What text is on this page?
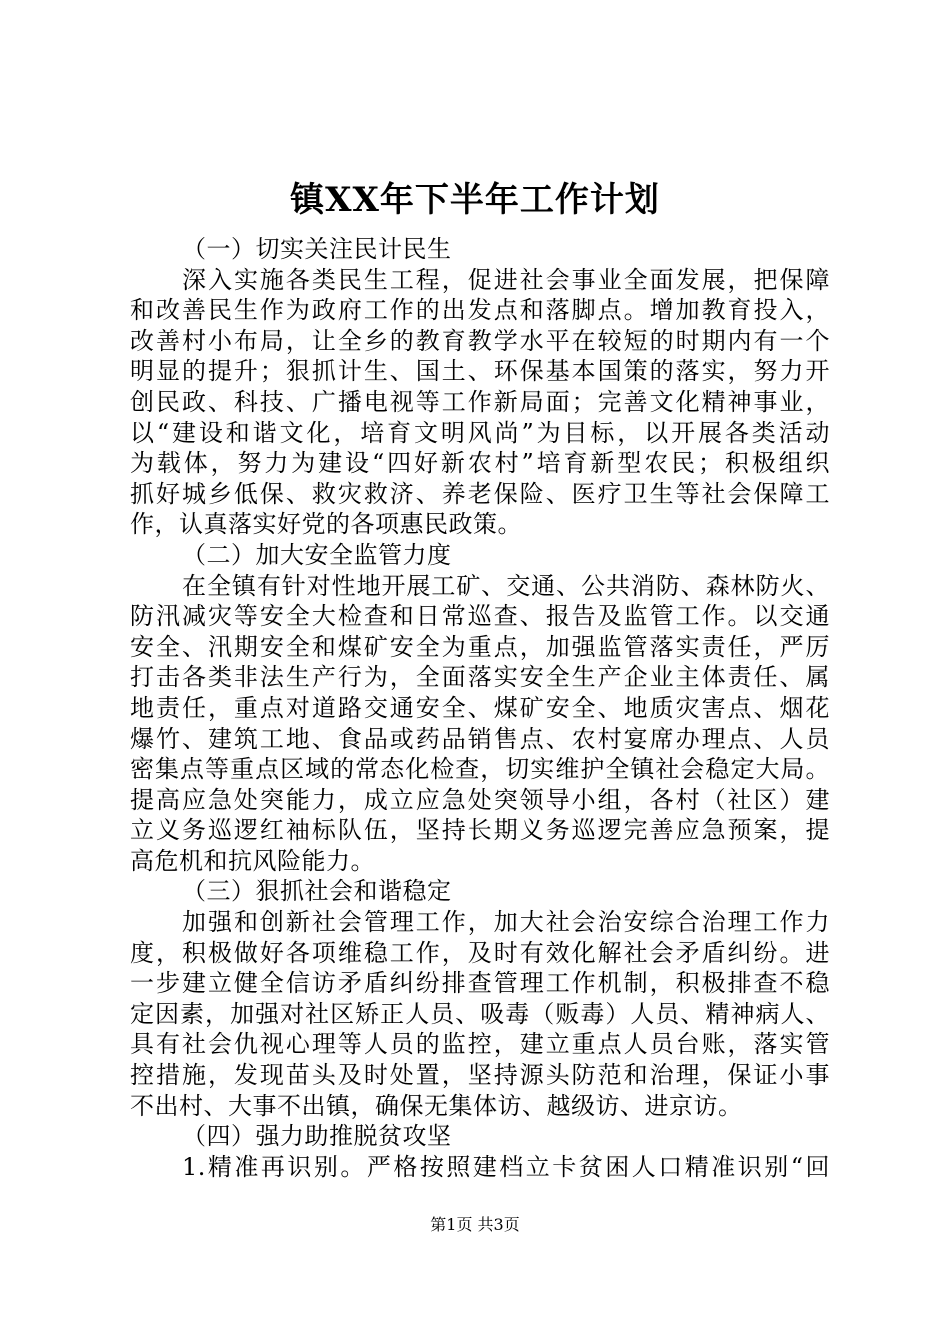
镇XX年下半年工作计划
（一）切实关注民计民生
深入实施各类民生工程，促进社会事业全面发展，把保障
和改善民生作为政府工作的出发点和落脚点。增加教育投入，
改善村小布局，让全乡的教育教学水平在较短的时期内有一个
明显的提升；狠抓计生、国土、环保基本国策的落实，努力开
创民政、科技、广播电视等工作新局面；完善文化精神事业，
以“建设和谐文化，培育文明风尚”为目标，以开展各类活动
为载体，努力为建设“四好新农村”培育新型农民；积极组织
抓好城乡低保、救灾救济、养老保险、医疗卫生等社会保障工
作，认真落实好党的各项惠民政策。
（二）加大安全监管力度
在全镇有针对性地开展工矿、交通、公共消防、森林防火、
防汛减灾等安全大检查和日常巡查、报告及监管工作。以交通
安全、汛期安全和煤矿安全为重点，加强监管落实责任，严厉
打击各类非法生产行为，全面落实安全生产企业主体责任、属
地责任，重点对道路交通安全、煤矿安全、地质灾害点、烟花
爆竹、建筑工地、食品或药品销售点、农村宴席办理点、人员
密集点等重点区域的常态化检查，切实维护全镇社会稳定大局。
提高应急处突能力，成立应急处突领导小组，各村（社区）建
立义务巡逻红袖标队伍，坚持长期义务巡逻完善应急预案，提
高危机和抗风险能力。
（三）狠抓社会和谐稳定
加强和创新社会管理工作，加大社会治安综合治理工作力
度，积极做好各项维稳工作，及时有效化解社会矛盾纠纷。进
一步建立健全信访矛盾纠纷排查管理工作机制，积极排查不稳
定因素，加强对社区矫正人员、吸毒（贩毒）人员、精神病人、
具有社会仇视心理等人员的监控，建立重点人员台账，落实管
控措施，发现苗头及时处置，坚持源头防范和治理，保证小事
不出村、大事不出镇，确保无集体访、越级访、进京访。
（四）强力助推脱贫攻坚
1.精准再识别。严格按照建档立卡贫困人口精准识别“回
第1页 共3页
